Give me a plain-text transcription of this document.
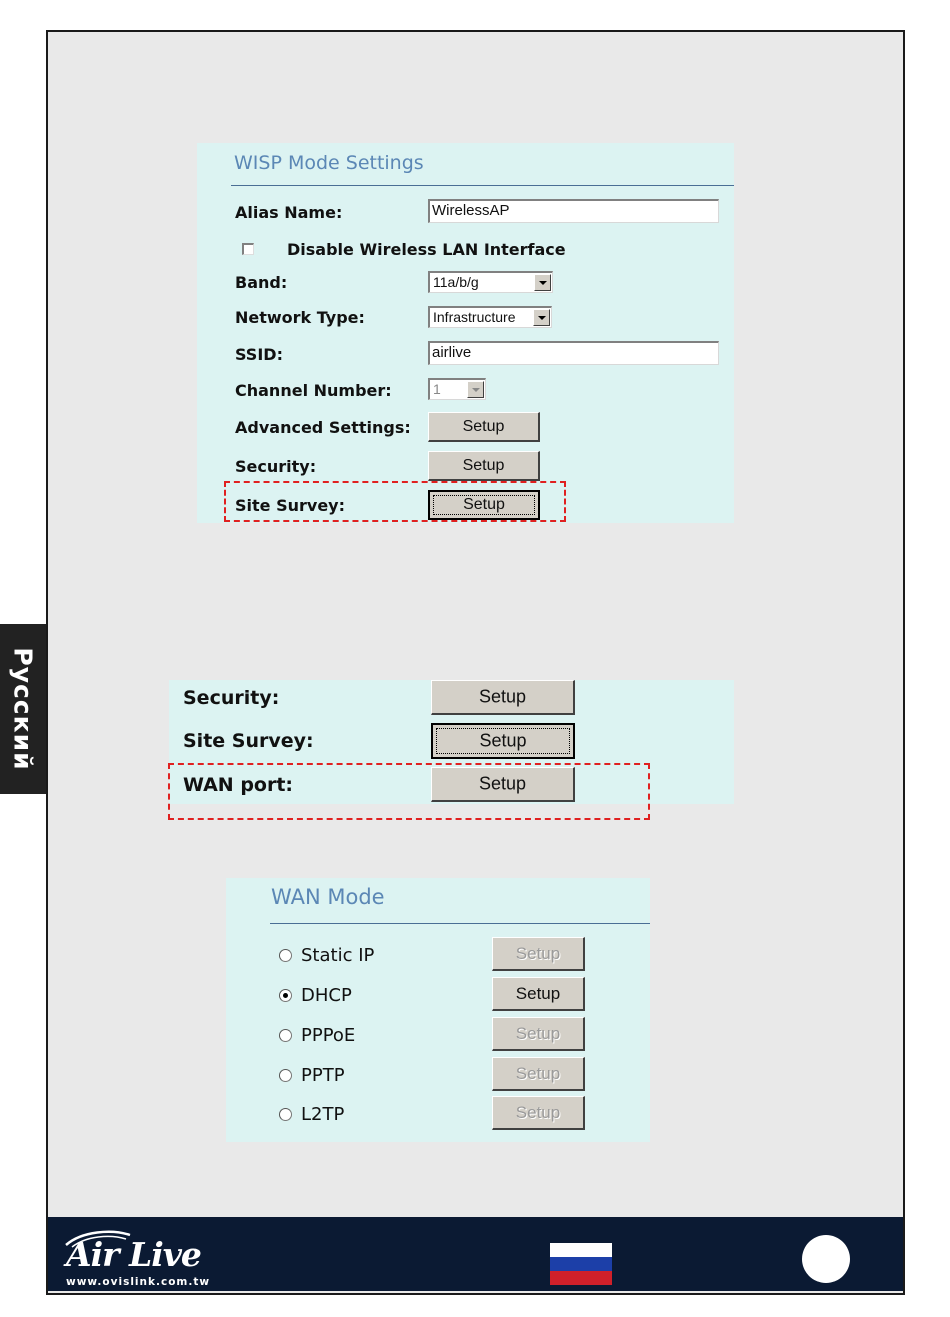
Русский
WISP Mode Settings
Alias Name:	WirelessAP
Disable Wireless LAN Interface
Band:	11a/b/g
Network Type:	Infrastructure
SSID:	airlive
Channel Number:	1
Advanced Settings:	Setup
Security:	Setup
Site Survey:	Setup
Security:	Setup
Site Survey:	Setup
WAN port:	Setup
WAN Mode
Static IP	Setup
DHCP	Setup
PPPoE	Setup
PPTP	Setup
L2TP	Setup
Air Live
www.ovislink.com.tw
